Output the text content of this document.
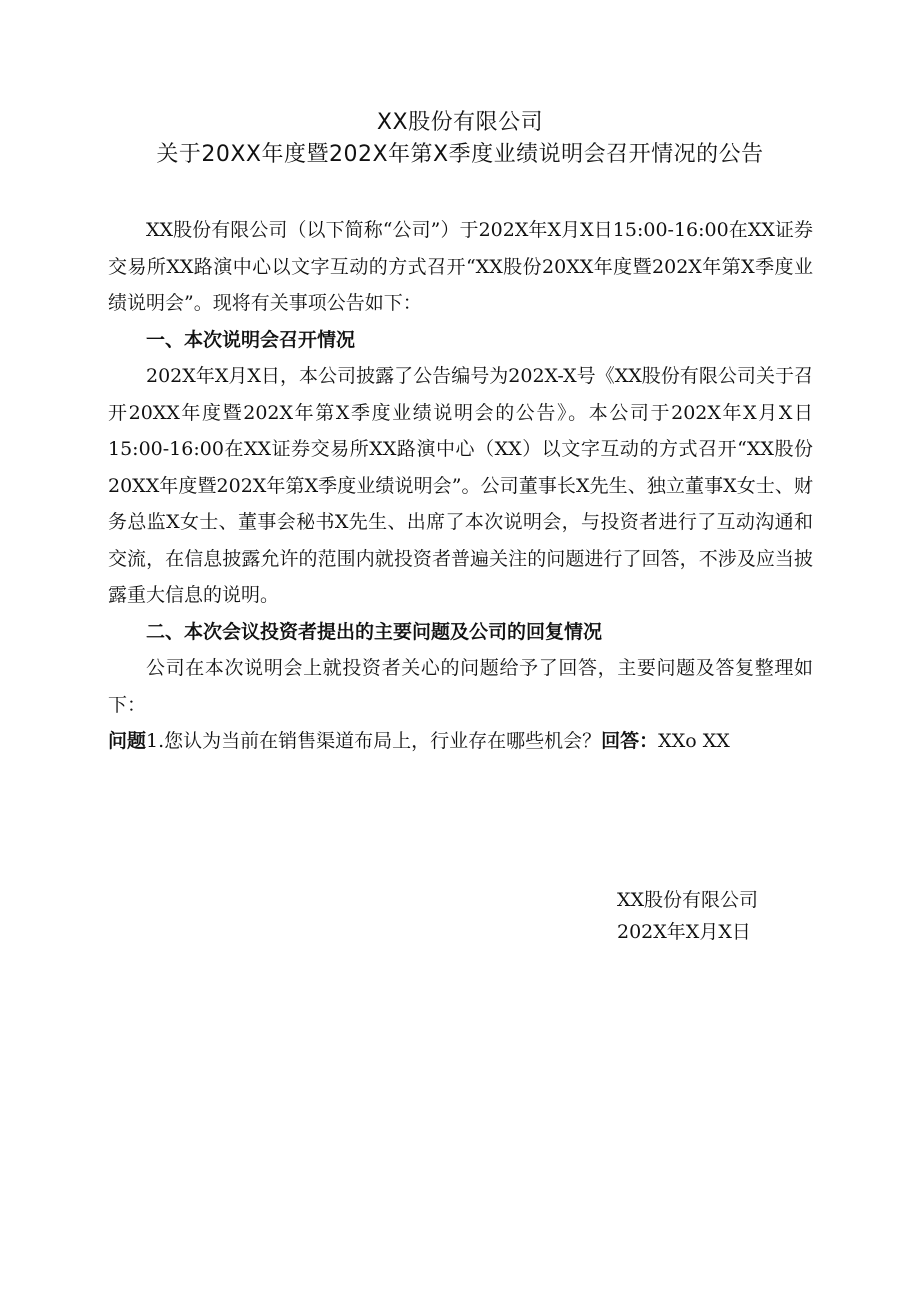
XX股份有限公司
关于20XX年度暨202X年第X季度业绩说明会召开情况的公告

XX股份有限公司（以下简称“公司”）于202X年X月X日15:00-16:00在XX证券交易所XX路演中心以文字互动的方式召开“XX股份20XX年度暨202X年第X季度业绩说明会”。现将有关事项公告如下：

一、本次说明会召开情况

202X年X月X日，本公司披露了公告编号为202X-X号《XX股份有限公司关于召开20XX年度暨202X年第X季度业绩说明会的公告》。本公司于202X年X月X日15:00-16:00在XX证券交易所XX路演中心（XX）以文字互动的方式召开“XX股份20XX年度暨202X年第X季度业绩说明会”。公司董事长X先生、独立董事X女士、财务总监X女士、董事会秘书X先生、出席了本次说明会，与投资者进行了互动沟通和交流，在信息披露允许的范围内就投资者普遍关注的问题进行了回答，不涉及应当披露重大信息的说明。

二、本次会议投资者提出的主要问题及公司的回复情况

公司在本次说明会上就投资者关心的问题给予了回答，主要问题及答复整理如下：

问题1.您认为当前在销售渠道布局上，行业存在哪些机会？回答：XXo XX

XX股份有限公司

202X年X月X日
